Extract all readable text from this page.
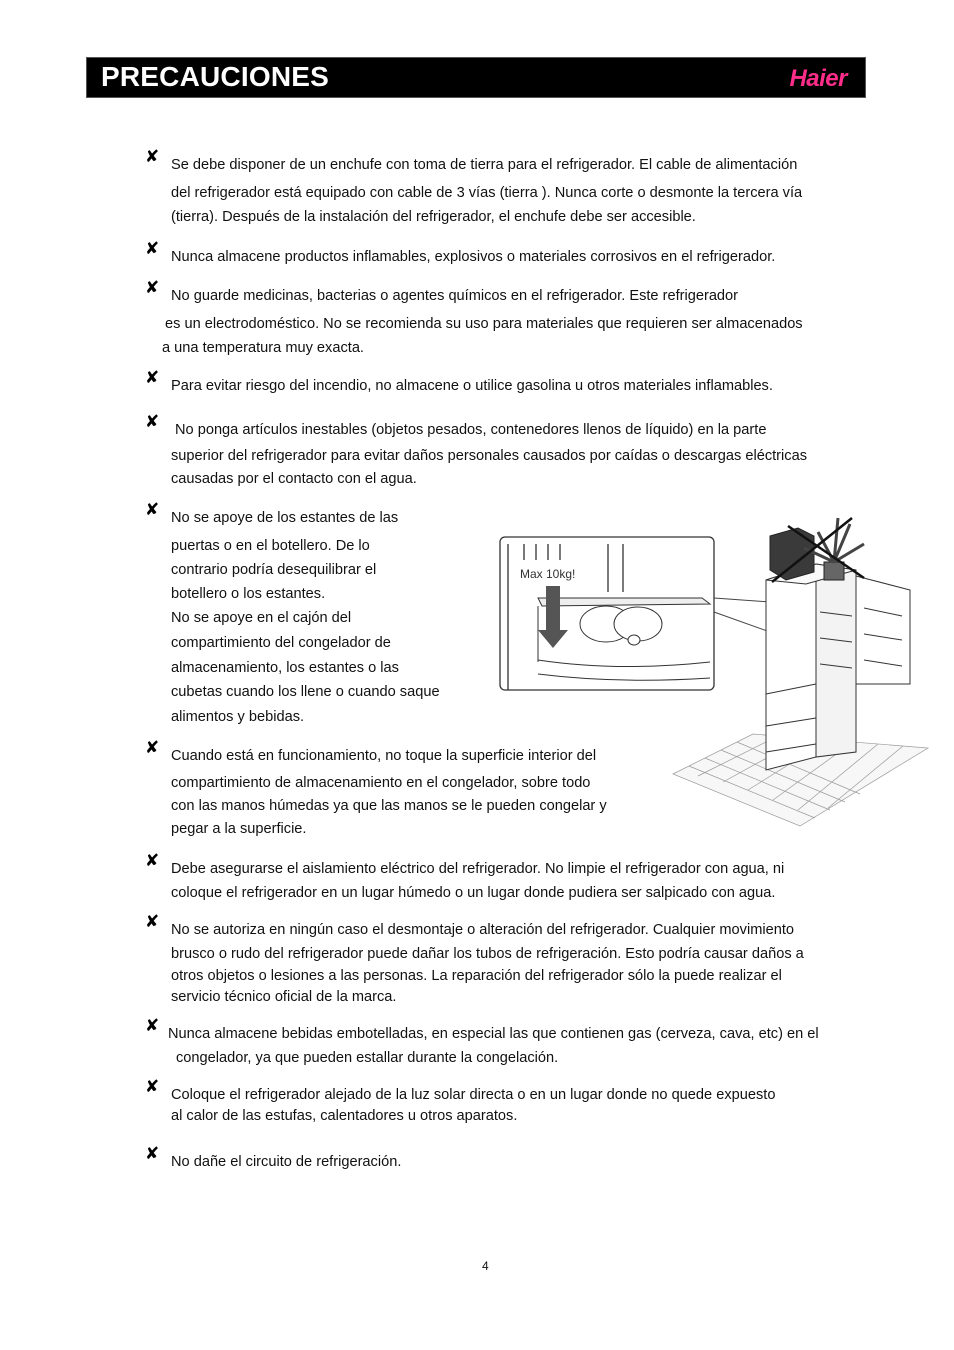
PRECAUCIONES	Haier
✘ Se debe disponer de un enchufe con toma de tierra para el refrigerador. El cable de alimentación
del refrigerador está equipado con cable de 3 vías (tierra ). Nunca corte o desmonte la tercera vía
(tierra). Después de la instalación del refrigerador, el enchufe debe ser accesible.
✘ Nunca almacene productos inflamables, explosivos o materiales corrosivos en el refrigerador.
✘ No guarde medicinas, bacterias o agentes químicos en el refrigerador. Este refrigerador
es un electrodoméstico. No se recomienda su uso para materiales que requieren ser almacenados
a una temperatura muy exacta.
✘ Para evitar riesgo del incendio, no almacene o utilice gasolina u otros materiales inflamables.
✘ No ponga artículos inestables (objetos pesados, contenedores llenos de líquido) en la parte
superior del refrigerador para evitar daños personales causados por caídas o descargas eléctricas
causadas por el contacto con el agua.
✘ No se apoye de los estantes de las
puertas o en el botellero. De lo
contrario podría desequilibrar el
botellero o los estantes.
No se apoye en el cajón del
compartimiento del congelador de
almacenamiento, los estantes o las
cubetas cuando los llene o cuando saque
alimentos y bebidas.
Max 10kg!
✘ Cuando está en funcionamiento, no toque la superficie interior del
compartimiento de almacenamiento en el congelador, sobre todo
con las manos húmedas ya que las manos se le pueden congelar y
pegar a la superficie.
✘ Debe asegurarse el aislamiento eléctrico del refrigerador. No limpie el refrigerador con agua, ni
coloque el refrigerador en un lugar húmedo o un lugar donde pudiera ser salpicado con agua.
✘ No se autoriza en ningún caso el desmontaje o alteración del refrigerador. Cualquier movimiento
brusco o rudo del refrigerador puede dañar los tubos de refrigeración. Esto podría causar daños a
otros objetos o lesiones a las personas. La reparación del refrigerador sólo la puede realizar el
servicio técnico oficial de la marca.
✘ Nunca almacene bebidas embotelladas, en especial las que contienen gas (cerveza, cava, etc) en el
congelador, ya que pueden estallar durante la congelación.
✘ Coloque el refrigerador alejado de la luz solar directa o en un lugar donde no quede expuesto
al calor de las estufas, calentadores u otros aparatos.
✘ No dañe el circuito de refrigeración.
4
